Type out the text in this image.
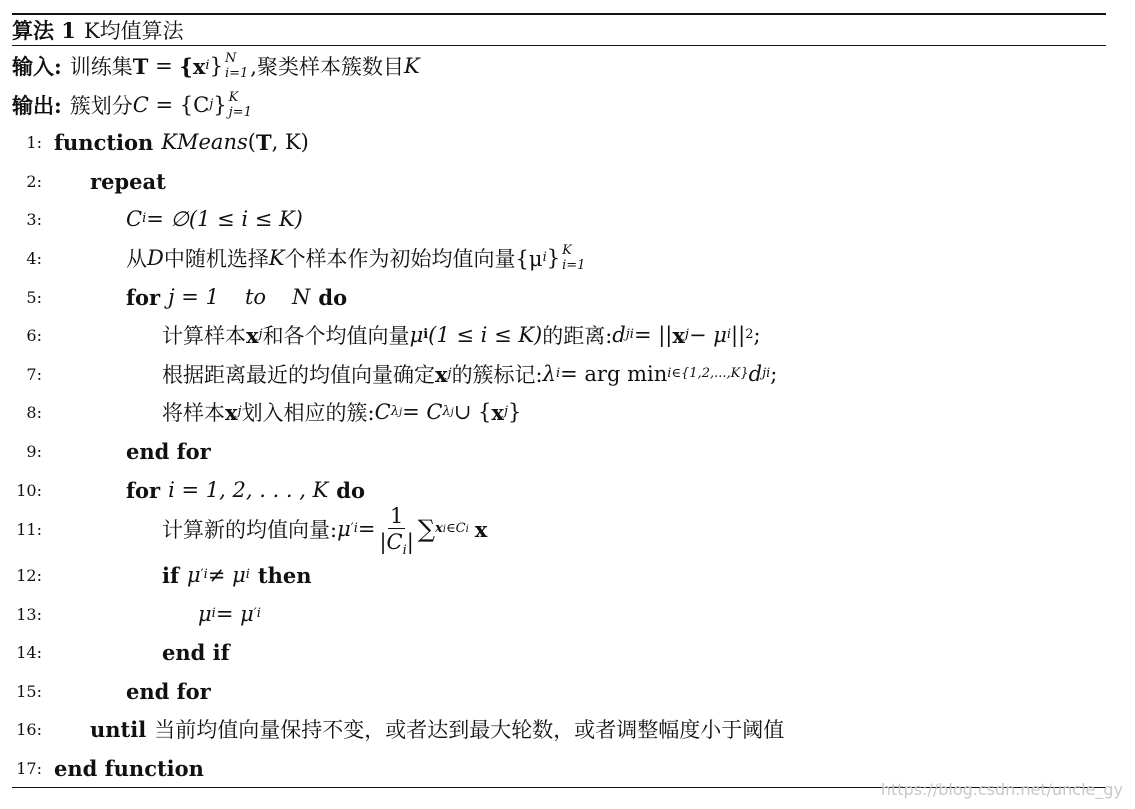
算法 1 K均值算法
输入: 训练集 T = {x i } N
i=1 ,聚类样本簇数目 K
输出: 簇划分 C = {C j } K
j=1
1: function KMeans ( T , K)
2: repeat
3:	C i = ∅(1 ≤ i ≤ K)
4:	从 D 中随机选择 K 个样本作为初始均值向量{μ i } K
i=1
5:	for j = 1 to N do
6:	计算样本 x j 和各个均值向量 μ i (1 ≤ i ≤ K) 的距离: d ji = || x j − μ i || 2 ;
7:	根据距离最近的均值向量确定 x j 的簇标记: λ i = arg min i∈{1,2,...,K} d ji ;
8:	将样本 x j 划入相应的簇: C λj = C λj ∪ { x j }
9:	end for
10:	for i = 1, 2, . . . , K do
11:	计算新的均值向量: μ ′ $i = \frac{1}{|C_i|}$ ∑ xi∈Ci x
12:	if μ ′ i ≠ μ i then
13:	μ i = μ ′ i
14:	end if
15:	end for
16: until 当前均值向量保持不变，或者达到最大轮数，或者调整幅度小于阈值
17: end function
https://blog.csdn.net/uncle_gy
